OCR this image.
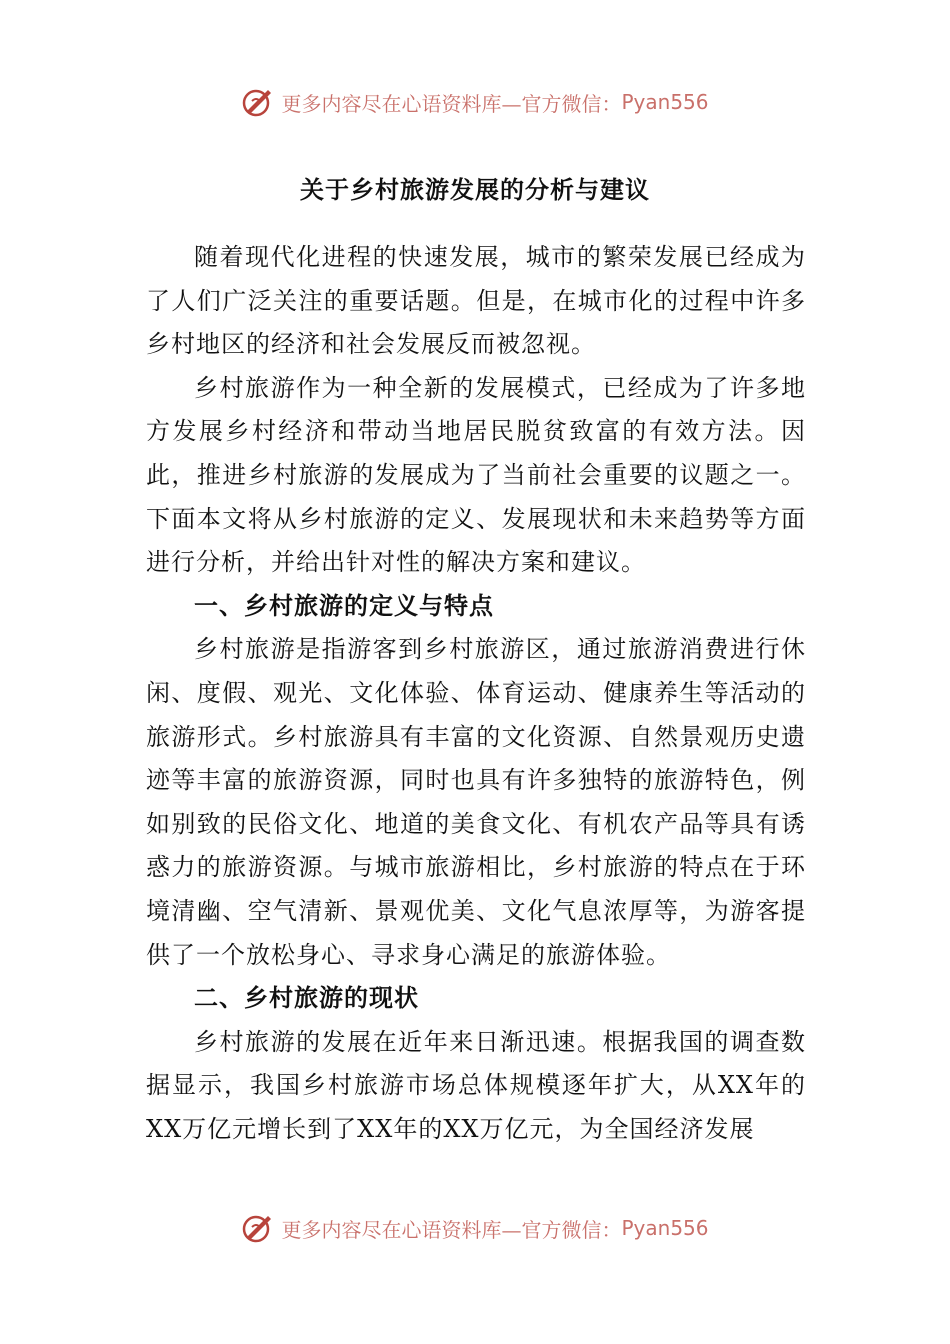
更多内容尽在心语资料库—官方微信： Pyan556
关于乡村旅游发展的分析与建议

随着现代化进程的快速发展，城市的繁荣发展已经成为了人们广泛关注的重要话题。但是，在城市化的过程中许多乡村地区的经济和社会发展反而被忽视。

乡村旅游作为一种全新的发展模式，已经成为了许多地方发展乡村经济和带动当地居民脱贫致富的有效方法。因此，推进乡村旅游的发展成为了当前社会重要的议题之一。下面本文将从乡村旅游的定义、发展现状和未来趋势等方面进行分析，并给出针对性的解决方案和建议。

一、乡村旅游的定义与特点

乡村旅游是指游客到乡村旅游区，通过旅游消费进行休闲、度假、观光、文化体验、体育运动、健康养生等活动的旅游形式。乡村旅游具有丰富的文化资源、自然景观历史遗迹等丰富的旅游资源，同时也具有许多独特的旅游特色，例如别致的民俗文化、地道的美食文化、有机农产品等具有诱惑力的旅游资源。与城市旅游相比，乡村旅游的特点在于环境清幽、空气清新、景观优美、文化气息浓厚等，为游客提供了一个放松身心、寻求身心满足的旅游体验。

二、乡村旅游的现状

乡村旅游的发展在近年来日渐迅速。根据我国的调查数据显示，我国乡村旅游市场总体规模逐年扩大，从XX年的XX万亿元增长到了XX年的XX万亿元，为全国经济发展

更多内容尽在心语资料库—官方微信： Pyan556
